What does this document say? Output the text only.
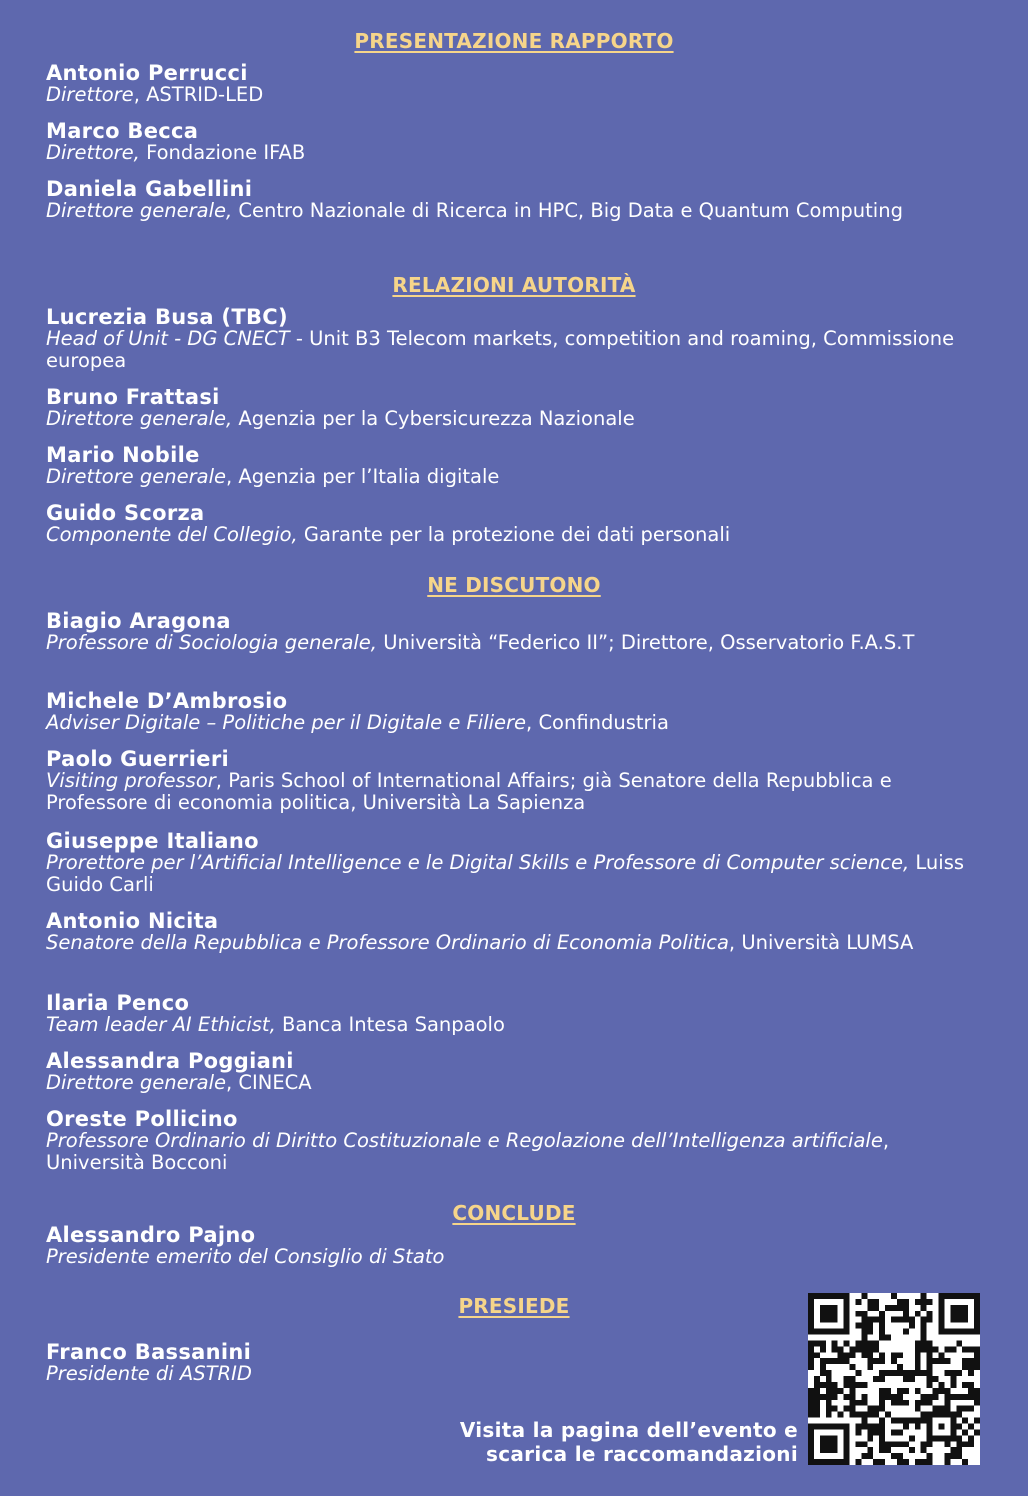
PRESENTAZIONE RAPPORTO
Antonio Perrucci
Direttore, ASTRID-LED
Marco Becca
Direttore, Fondazione IFAB
Daniela Gabellini
Direttore generale, Centro Nazionale di Ricerca in HPC, Big Data e Quantum Computing
RELAZIONI AUTORITÀ
Lucrezia Busa (TBC)
Head of Unit - DG CNECT - Unit B3 Telecom markets, competition and roaming, Commissione europea
Bruno Frattasi
Direttore generale, Agenzia per la Cybersicurezza Nazionale
Mario Nobile
Direttore generale, Agenzia per l’Italia digitale
Guido Scorza
Componente del Collegio, Garante per la protezione dei dati personali
NE DISCUTONO
Biagio Aragona
Professore di Sociologia generale, Università “Federico II”; Direttore, Osservatorio F.A.S.T
Michele D’Ambrosio
Adviser Digitale – Politiche per il Digitale e Filiere, Confindustria
Paolo Guerrieri
Visiting professor, Paris School of International Affairs; già Senatore della Repubblica e Professore di economia politica, Università La Sapienza
Giuseppe Italiano
Prorettore per l’Artificial Intelligence e le Digital Skills e Professore di Computer science, Luiss Guido Carli
Antonio Nicita
Senatore della Repubblica e Professore Ordinario di Economia Politica, Università LUMSA
Ilaria Penco
Team leader AI Ethicist, Banca Intesa Sanpaolo
Alessandra Poggiani
Direttore generale, CINECA
Oreste Pollicino
Professore Ordinario di Diritto Costituzionale e Regolazione dell’Intelligenza artificiale, Università Bocconi
CONCLUDE
Alessandro Pajno
Presidente emerito del Consiglio di Stato
PRESIEDE
Franco Bassanini
Presidente di ASTRID
Visita la pagina dell’evento e
scarica le raccomandazioni
